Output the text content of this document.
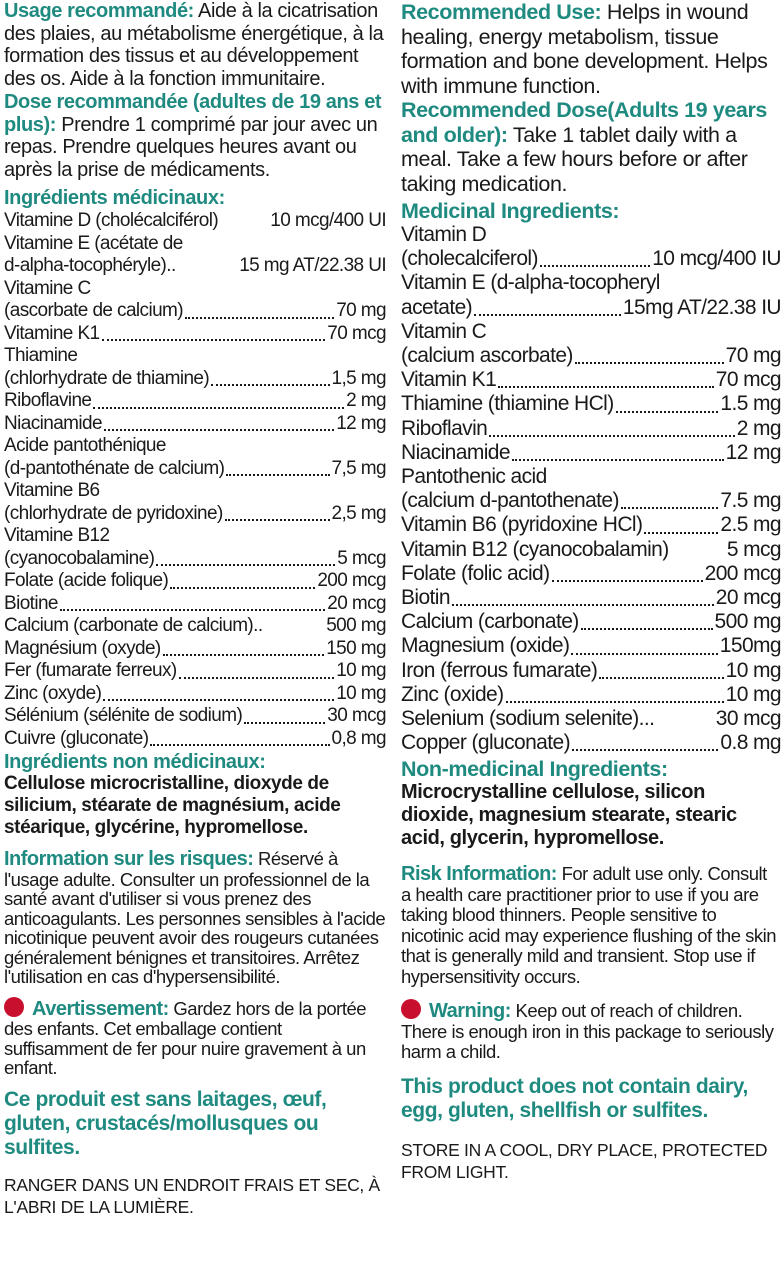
Usage recommandé: Aide à la cicatrisation des plaies, au métabolisme énergétique, à la formation des tissus et au développement des os. Aide à la fonction immunitaire.

Dose recommandée (adultes de 19 ans et plus): Prendre 1 comprimé par jour avec un repas. Prendre quelques heures avant ou après la prise de médicaments.

Ingrédients médicinaux:
Vitamine D (cholécalciférol)	10 mcg/400 UI
Vitamine E (acétate de
d-alpha-tocophéryle)..	15 mg AT/22.38 UI
Vitamine C
(ascorbate de calcium)	70 mg
Vitamine K1	70 mcg
Thiamine
(chlorhydrate de thiamine)	1,5 mg
Riboflavine	2 mg
Niacinamide	12 mg
Acide pantothénique
(d-pantothénate de calcium)	7,5 mg
Vitamine B6
(chlorhydrate de pyridoxine)	2,5 mg
Vitamine B12
(cyanocobalamine)	5 mcg
Folate (acide folique)	200 mcg
Biotine	20 mcg
Calcium (carbonate de calcium)..	500 mg
Magnésium (oxyde)	150 mg
Fer (fumarate ferreux)	10 mg
Zinc (oxyde)	10 mg
Sélénium (sélénite de sodium)	30 mcg
Cuivre (gluconate)	0,8 mg
Ingrédients non médicinaux:

Cellulose microcristalline, dioxyde de silicium, stéarate de magnésium, acide stéarique, glycérine, hypromellose.

Information sur les risques: Réservé à l'usage adulte. Consulter un professionnel de la santé avant d'utiliser si vous prenez des anticoagulants. Les personnes sensibles à l'acide nicotinique peuvent avoir des rougeurs cutanées généralement bénignes et transitoires. Arrêtez l'utilisation en cas d'hypersensibilité.

Avertissement: Gardez hors de la portée des enfants. Cet emballage contient suffisamment de fer pour nuire gravement à un enfant.

Ce produit est sans laitages, œuf, gluten, crustacés/mollusques ou sulfites.

RANGER DANS UN ENDROIT FRAIS ET SEC, À L'ABRI DE LA LUMIÈRE.

Recommended Use: Helps in wound healing, energy metabolism, tissue formation and bone development. Helps with immune function.

Recommended Dose(Adults 19 years and older): Take 1 tablet daily with a meal. Take a few hours before or after taking medication.

Medicinal Ingredients:
Vitamin D
(cholecalciferol)	10 mcg/400 IU
Vitamin E (d-alpha-tocopheryl
acetate)	15mg AT/22.38 IU
Vitamin C
(calcium ascorbate)	70 mg
Vitamin K1	70 mcg
Thiamine (thiamine HCl)	1.5 mg
Riboflavin	2 mg
Niacinamide	12 mg
Pantothenic acid
(calcium d-pantothenate)	7.5 mg
Vitamin B6 (pyridoxine HCl)	2.5 mg
Vitamin B12 (cyanocobalamin)	5 mcg
Folate (folic acid)	200 mcg
Biotin	20 mcg
Calcium (carbonate)	500 mg
Magnesium (oxide)	150mg
Iron (ferrous fumarate)	10 mg
Zinc (oxide)	10 mg
Selenium (sodium selenite)...	30 mcg
Copper (gluconate)	0.8 mg
Non-medicinal Ingredients:

Microcrystalline cellulose, silicon dioxide, magnesium stearate, stearic acid, glycerin, hypromellose.

Risk Information: For adult use only. Consult a health care practitioner prior to use if you are taking blood thinners. People sensitive to nicotinic acid may experience flushing of the skin that is generally mild and transient. Stop use if hypersensitivity occurs.

Warning: Keep out of reach of children. There is enough iron in this package to seriously harm a child.

This product does not contain dairy, egg, gluten, shellfish or sulfites.

STORE IN A COOL, DRY PLACE, PROTECTED FROM LIGHT.
